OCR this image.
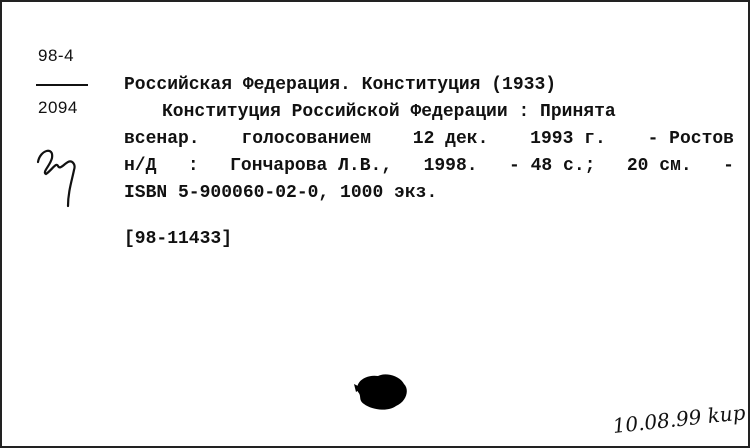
98-4
2094
Российская Федерация. Конституция (1933)
Конституция Российской Федерации : Принята
всенар. голосованием 12 дек. 1993 г. - Ростов
н/Д : Гончарова Л.В., 1998. - 48 с.; 20 см. -
ISBN 5-900060-02-0, 1000 экз.
[98-11433]
10.08.99 kuр
